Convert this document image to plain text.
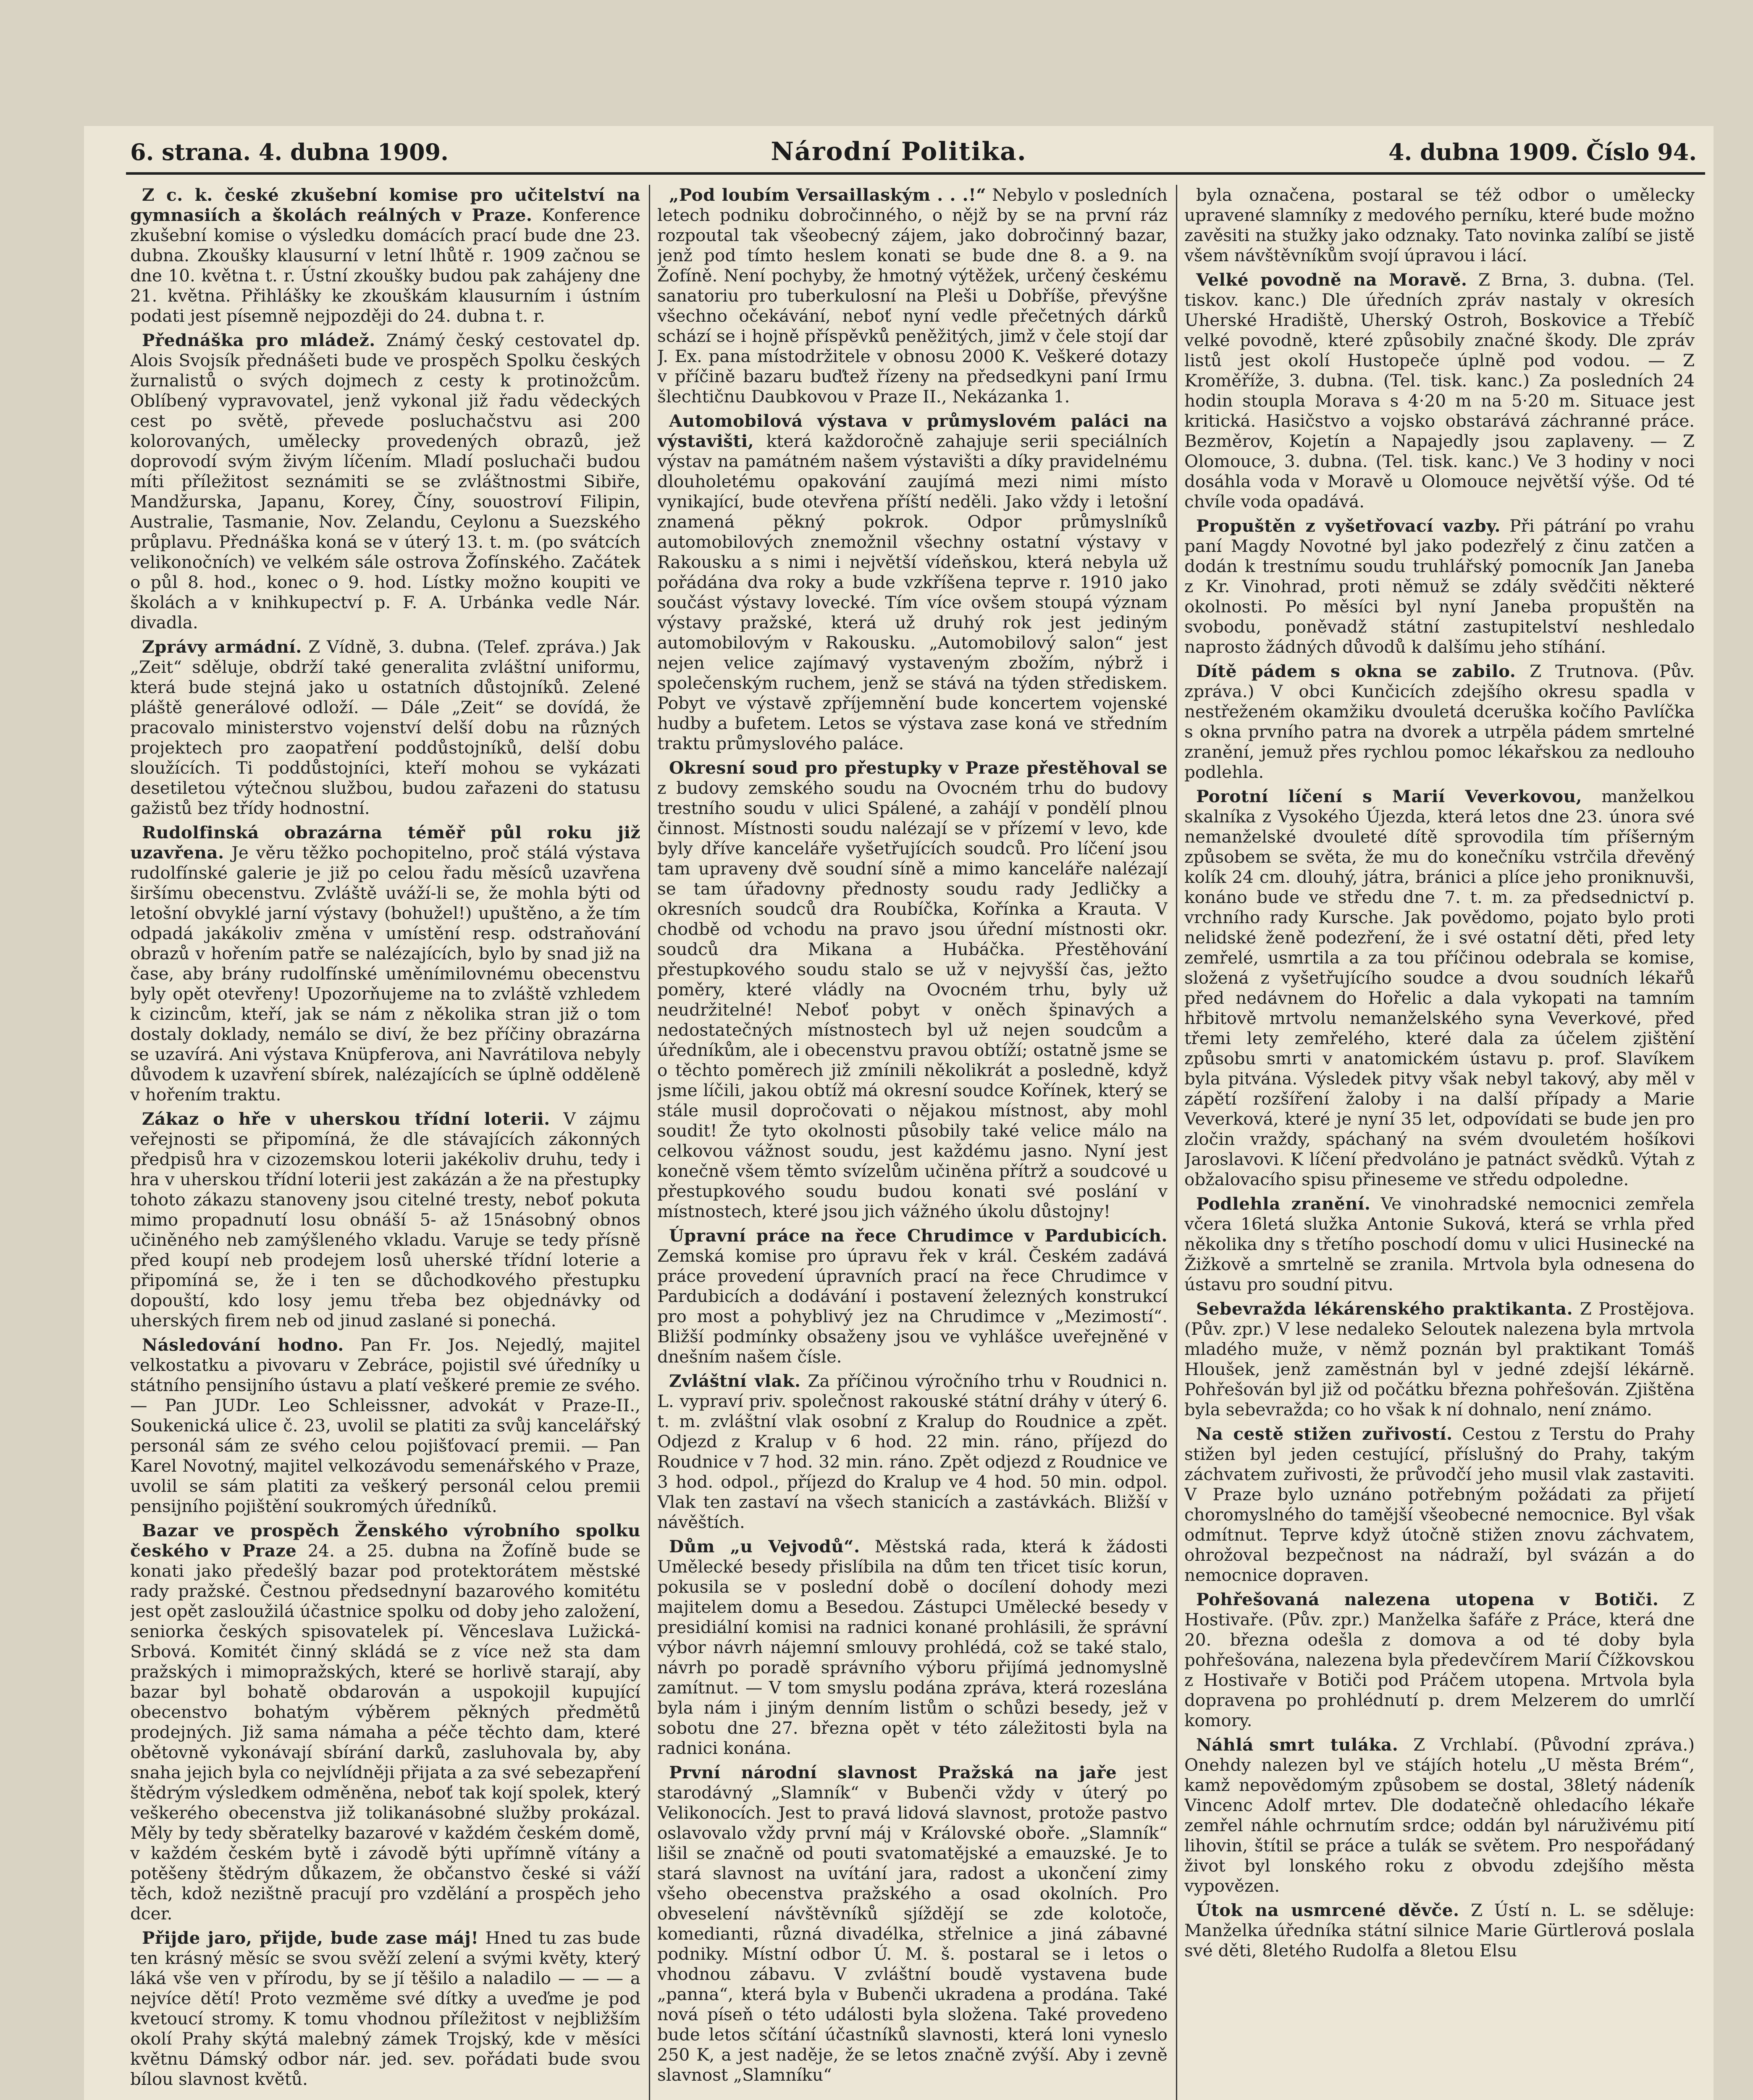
6. strana. 4. dubna 1909.	Národní Politika.	4. dubna 1909. Číslo 94.

Z c. k. české zkušební komise pro učitelství na gymnasiích a školách reálných v Praze. Konference zkušební komise o výsledku domácích prací bude dne 23. dubna. Zkoušky klausurní v letní lhůtě r. 1909 začnou se dne 10. května t. r. Ústní zkoušky budou pak zahájeny dne 21. května. Přihlášky ke zkouškám klausurním i ústním podati jest písemně nejpozději do 24. dubna t. r.

Přednáška pro mládež. Známý český cestovatel dp. Alois Svojsík přednášeti bude ve prospěch Spolku českých žurnalistů o svých dojmech z cesty k protinožcům. Oblíbený vypravovatel, jenž vykonal již řadu vědeckých cest po světě, převede posluchačstvu asi 200 kolorovaných, umělecky provedených obrazů, jež doprovodí svým živým líčením. Mladí posluchači budou míti příležitost seznámiti se se zvláštnostmi Sibiře, Mandžurska, Japanu, Korey, Číny, souostroví Filipin, Australie, Tasmanie, Nov. Zelandu, Ceylonu a Suezského průplavu. Přednáška koná se v úterý 13. t. m. (po svátcích velikonočních) ve velkém sále ostrova Žofínského. Začátek o půl 8. hod., konec o 9. hod. Lístky možno koupiti ve školách a v knihkupectví p. F. A. Urbánka vedle Nár. divadla.

Zprávy armádní. Z Vídně, 3. dubna. (Telef. zpráva.) Jak „Zeit“ sděluje, obdrží také generalita zvláštní uniformu, která bude stejná jako u ostatních důstojníků. Zelené pláště generálové odloží. — Dále „Zeit“ se dovídá, že pracovalo ministerstvo vojenství delší dobu na různých projektech pro zaopatření poddůstojníků, delší dobu sloužících. Ti poddůstojníci, kteří mohou se vykázati desetiletou výtečnou službou, budou zařazeni do statusu gažistů bez třídy hodnostní.

Rudolfinská obrazárna téměř půl roku již uzavřena. Je věru těžko pochopitelno, proč stálá výstava rudolfínské galerie je již po celou řadu měsíců uzavřena širšímu obecenstvu. Zvláště uváží-li se, že mohla býti od letošní obvyklé jarní výstavy (bohužel!) upuštěno, a že tím odpadá jakákoliv změna v umístění resp. odstraňování obrazů v hořením patře se nalézajících, bylo by snad již na čase, aby brány rudolfínské uměnímilovnému obecenstvu byly opět otevřeny! Upozorňujeme na to zvláště vzhledem k cizincům, kteří, jak se nám z několika stran již o tom dostaly doklady, nemálo se diví, že bez příčiny obrazárna se uzavírá. Ani výstava Knüpferova, ani Navrátilova nebyly důvodem k uzavření sbírek, nalézajících se úplně odděleně v hořením traktu.

Zákaz o hře v uherskou třídní loterii. V zájmu veřejnosti se připomíná, že dle stávajících zákonných předpisů hra v cizozemskou loterii jakékoliv druhu, tedy i hra v uherskou třídní loterii jest zakázán a že na přestupky tohoto zákazu stanoveny jsou citelné tresty, neboť pokuta mimo propadnutí losu obnáší 5- až 15násobný obnos učiněného neb zamýšleného vkladu. Varuje se tedy přísně před koupí neb prodejem losů uherské třídní loterie a připomíná se, že i ten se důchodkového přestupku dopouští, kdo losy jemu třeba bez objednávky od uherských firem neb od jinud zaslané si ponechá.

Následování hodno. Pan Fr. Jos. Nejedlý, majitel velkostatku a pivovaru v Zebráce, pojistil své úředníky u státního pensijního ústavu a platí veškeré premie ze svého. — Pan JUDr. Leo Schleissner, advokát v Praze-II., Soukenická ulice č. 23, uvolil se platiti za svůj kancelářský personál sám ze svého celou pojišťovací premii. — Pan Karel Novotný, majitel velkozávodu semenářského v Praze, uvolil se sám platiti za veškerý personál celou premii pensijního pojištění soukromých úředníků.

Bazar ve prospěch Ženského výrobního spolku českého v Praze 24. a 25. dubna na Žofíně bude se konati jako předešlý bazar pod protektorátem městské rady pražské. Čestnou předsednyní bazarového komitétu jest opět zasloužilá účastnice spolku od doby jeho založení, seniorka českých spisovatelek pí. Věnceslava Lužická-Srbová. Komitét činný skládá se z více než sta dam pražských i mimopražských, které se horlivě starají, aby bazar byl bohatě obdarován a uspokojil kupující obecenstvo bohatým výběrem pěkných předmětů prodejných. Již sama námaha a péče těchto dam, které obětovně vykonávají sbírání darků, zasluhovala by, aby snaha jejich byla co nejvlídněji přijata a za své sebezapření štědrým výsledkem odměněna, neboť tak kojí spolek, který veškerého obecenstva již tolikanásobné služby prokázal. Měly by tedy sběratelky bazarové v každém českém domě, v každém českém bytě i závodě býti upřímně vítány a potěšeny štědrým důkazem, že občanstvo české si váží těch, kdož nezištně pracují pro vzdělání a prospěch jeho dcer.

Přijde jaro, přijde, bude zase máj! Hned tu zas bude ten krásný měsíc se svou svěží zelení a svými květy, který láká vše ven v přírodu, by se jí těšilo a naladilo — — — a nejvíce dětí! Proto vezměme své dítky a uveďme je pod kvetoucí stromy. K tomu vhodnou příležitost v nejbližším okolí Prahy skýtá malebný zámek Trojský, kde v měsíci květnu Dámský odbor nár. jed. sev. pořádati bude svou bílou slavnost květů.

„Pod loubím Versaillaským . . .!“ Nebylo v posledních letech podniku dobročinného, o nějž by se na první ráz rozpoutal tak všeobecný zájem, jako dobročinný bazar, jenž pod tímto heslem konati se bude dne 8. a 9. na Žofíně. Není pochyby, že hmotný výtěžek, určený českému sanatoriu pro tuberkulosní na Pleši u Dobříše, převýšne všechno očekávání, neboť nyní vedle přečetných dárků schází se i hojně příspěvků peněžitých, jimž v čele stojí dar J. Ex. pana místodržitele v obnosu 2000 K. Veškeré dotazy v příčině bazaru buďtež řízeny na předsedkyni paní Irmu šlechtičnu Daubkovou v Praze II., Nekázanka 1.

Automobilová výstava v průmyslovém paláci na výstavišti, která každoročně zahajuje serii speciálních výstav na památném našem výstavišti a díky pravidelnému dlouholetému opakování zaujímá mezi nimi místo vynikající, bude otevřena příští neděli. Jako vždy i letošní znamená pěkný pokrok. Odpor průmyslníků automobilových znemožnil všechny ostatní výstavy v Rakousku a s nimi i největší vídeňskou, která nebyla už pořádána dva roky a bude vzkříšena teprve r. 1910 jako součást výstavy lovecké. Tím více ovšem stoupá význam výstavy pražské, která už druhý rok jest jediným automobilovým v Rakousku. „Automobilový salon“ jest nejen velice zajímavý vystaveným zbožím, nýbrž i společenským ruchem, jenž se stává na týden střediskem. Pobyt ve výstavě zpříjemnění bude koncertem vojenské hudby a bufetem. Letos se výstava zase koná ve středním traktu průmyslového paláce.

Okresní soud pro přestupky v Praze přestěhoval se z budovy zemského soudu na Ovocném trhu do budovy trestního soudu v ulici Spálené, a zahájí v pondělí plnou činnost. Místnosti soudu nalézají se v přízemí v levo, kde byly dříve kanceláře vyšetřujících soudců. Pro líčení jsou tam upraveny dvě soudní síně a mimo kanceláře nalézají se tam úřadovny přednosty soudu rady Jedličky a okresních soudců dra Roubíčka, Kořínka a Krauta. V chodbě od vchodu na pravo jsou úřední místnosti okr. soudců dra Mikana a Hubáčka. Přestěhování přestupkového soudu stalo se už v nejvyšší čas, ježto poměry, které vládly na Ovocném trhu, byly už neudržitelné! Neboť pobyt v oněch špinavých a nedostatečných místnostech byl už nejen soudcům a úředníkům, ale i obecenstvu pravou obtíží; ostatně jsme se o těchto poměrech již zmínili několikrát a posledně, když jsme líčili, jakou obtíž má okresní soudce Kořínek, který se stále musil dopročovati o nějakou místnost, aby mohl soudit! Že tyto okolnosti působily také velice málo na celkovou vážnost soudu, jest každému jasno. Nyní jest konečně všem těmto svízelům učiněna přítrž a soudcové u přestupkového soudu budou konati své poslání v místnostech, které jsou jich vážného úkolu důstojny!

Úpravní práce na řece Chrudimce v Pardubicích. Zemská komise pro úpravu řek v král. Českém zadává práce provedení úpravních prací na řece Chrudimce v Pardubicích a dodávání i postavení železných konstrukcí pro most a pohyblivý jez na Chrudimce v „Mezimostí“. Bližší podmínky obsaženy jsou ve vyhlášce uveřejněné v dnešním našem čísle.

Zvláštní vlak. Za příčinou výročního trhu v Roudnici n. L. vypraví priv. společnost rakouské státní dráhy v úterý 6. t. m. zvláštní vlak osobní z Kralup do Roudnice a zpět. Odjezd z Kralup v 6 hod. 22 min. ráno, příjezd do Roudnice v 7 hod. 32 min. ráno. Zpět odjezd z Roudnice ve 3 hod. odpol., příjezd do Kralup ve 4 hod. 50 min. odpol. Vlak ten zastaví na všech stanicích a zastávkách. Bližší v návěštích.

Dům „u Vejvodů“. Městská rada, která k žádosti Umělecké besedy přislíbila na dům ten třicet tisíc korun, pokusila se v poslední době o docílení dohody mezi majitelem domu a Besedou. Zástupci Umělecké besedy v presidiální komisi na radnici konané prohlásili, že správní výbor návrh nájemní smlouvy prohlédá, což se také stalo, návrh po poradě správního výboru přijímá jednomyslně zamítnut. — V tom smyslu podána zpráva, která rozeslána byla nám i jiným denním listům o schůzi besedy, jež v sobotu dne 27. března opět v této záležitosti byla na radnici konána.

První národní slavnost Pražská na jaře jest starodávný „Slamník“ v Bubenči vždy v úterý po Velikonocích. Jest to pravá lidová slavnost, protože pastvo oslavovalo vždy první máj v Královské oboře. „Slamník“ lišil se značně od pouti svatomatějské a emauzské. Je to stará slavnost na uvítání jara, radost a ukončení zimy všeho obecenstva pražského a osad okolních. Pro obveselení návštěvníků sjíždějí se zde kolotoče, komedianti, různá divadélka, střelnice a jiná zábavné podniky. Místní odbor Ú. M. š. postaral se i letos o vhodnou zábavu. V zvláštní boudě vystavena bude „panna“, která byla v Bubenči ukradena a prodána. Také nová píseň o této události byla složena. Také provedeno bude letos sčítání účastníků slavnosti, která loni vyneslo 250 K, a jest naděje, že se letos značně zvýší. Aby i zevně slavnost „Slamníku“

byla označena, postaral se též odbor o umělecky upravené slamníky z medového perníku, které bude možno zavěsiti na stužky jako odznaky. Tato novinka zalíbí se jistě všem návštěvníkům svojí úpravou i lácí.

Velké povodně na Moravě. Z Brna, 3. dubna. (Tel. tiskov. kanc.) Dle úředních zpráv nastaly v okresích Uherské Hradiště, Uherský Ostroh, Boskovice a Třebíč velké povodně, které způsobily značné škody. Dle zpráv listů jest okolí Hustopeče úplně pod vodou. — Z Kroměříže, 3. dubna. (Tel. tisk. kanc.) Za posledních 24 hodin stoupla Morava s 4·20 m na 5·20 m. Situace jest kritická. Hasičstvo a vojsko obstarává záchranné práce. Bezměrov, Kojetín a Napajedly jsou zaplaveny. — Z Olomouce, 3. dubna. (Tel. tisk. kanc.) Ve 3 hodiny v noci dosáhla voda v Moravě u Olomouce největší výše. Od té chvíle voda opadává.

Propuštěn z vyšetřovací vazby. Při pátrání po vrahu paní Magdy Novotné byl jako podezřelý z činu zatčen a dodán k trestnímu soudu truhlářský pomocník Jan Janeba z Kr. Vinohrad, proti němuž se zdály svědčiti některé okolnosti. Po měsíci byl nyní Janeba propuštěn na svobodu, poněvadž státní zastupitelství neshledalo naprosto žádných důvodů k dalšímu jeho stíhání.

Dítě pádem s okna se zabilo. Z Trutnova. (Pův. zpráva.) V obci Kunčicích zdejšího okresu spadla v nestřeženém okamžiku dvouletá dceruška kočího Pavlíčka s okna prvního patra na dvorek a utrpěla pádem smrtelné zranění, jemuž přes rychlou pomoc lékařskou za nedlouho podlehla.

Porotní líčení s Marií Veverkovou, manželkou skalníka z Vysokého Újezda, která letos dne 23. února své nemanželské dvouleté dítě sprovodila tím příšerným způsobem se světa, že mu do konečníku vstrčila dřevěný kolík 24 cm. dlouhý, játra, bránici a plíce jeho proniknuvši, konáno bude ve středu dne 7. t. m. za předsednictví p. vrchního rady Kursche. Jak povědomo, pojato bylo proti nelidské ženě podezření, že i své ostatní děti, před lety zemřelé, usmrtila a za tou příčinou odebrala se komise, složená z vyšetřujícího soudce a dvou soudních lékařů před nedávnem do Hořelic a dala vykopati na tamním hřbitově mrtvolu nemanželského syna Veverkové, před třemi lety zemřelého, které dala za účelem zjištění způsobu smrti v anatomickém ústavu p. prof. Slavíkem byla pitvána. Výsledek pitvy však nebyl takový, aby měl v zápětí rozšíření žaloby i na další případy a Marie Veverková, které je nyní 35 let, odpovídati se bude jen pro zločin vraždy, spáchaný na svém dvouletém hošíkovi Jaroslavovi. K líčení předvoláno je patnáct svědků. Výtah z obžalovacího spisu přineseme ve středu odpoledne.

Podlehla zranění. Ve vinohradské nemocnici zemřela včera 16letá služka Antonie Suková, která se vrhla před několika dny s třetího poschodí domu v ulici Husinecké na Žižkově a smrtelně se zranila. Mrtvola byla odnesena do ústavu pro soudní pitvu.

Sebevražda lékárenského praktikanta. Z Prostějova. (Pův. zpr.) V lese nedaleko Seloutek nalezena byla mrtvola mladého muže, v němž poznán byl praktikant Tomáš Hloušek, jenž zaměstnán byl v jedné zdejší lékárně. Pohřešován byl již od počátku března pohřešován. Zjištěna byla sebevražda; co ho však k ní dohnalo, není známo.

Na cestě stižen zuřivostí. Cestou z Terstu do Prahy stižen byl jeden cestující, příslušný do Prahy, takým záchvatem zuřivosti, že průvodčí jeho musil vlak zastaviti. V Praze bylo uznáno potřebným požádati za přijetí choromyslného do tamější všeobecné nemocnice. Byl však odmítnut. Teprve když útočně stižen znovu záchvatem, ohrožoval bezpečnost na nádraží, byl svázán a do nemocnice dopraven.

Pohřešovaná nalezena utopena v Botiči. Z Hostivaře. (Pův. zpr.) Manželka šafáře z Práce, která dne 20. března odešla z domova a od té doby byla pohřešována, nalezena byla předevčírem Marií Čížkovskou z Hostivaře v Botiči pod Práčem utopena. Mrtvola byla dopravena po prohlédnutí p. drem Melzerem do umrlčí komory.

Náhlá smrt tuláka. Z Vrchlabí. (Původní zpráva.) Onehdy nalezen byl ve stájích hotelu „U města Brém“, kamž nepovědomým způsobem se dostal, 38letý nádeník Vincenc Adolf mrtev. Dle dodatečně ohledacího lékaře zemřel náhle ochrnutím srdce; oddán byl náruživému pití lihovin, štítil se práce a tulák se světem. Pro nespořádaný život byl lonského roku z obvodu zdejšího města vypovězen.

Útok na usmrcené děvče. Z Ústí n. L. se sděluje: Manželka úředníka státní silnice Marie Gürtlerová poslala své děti, 8letého Rudolfa a 8letou Elsu
